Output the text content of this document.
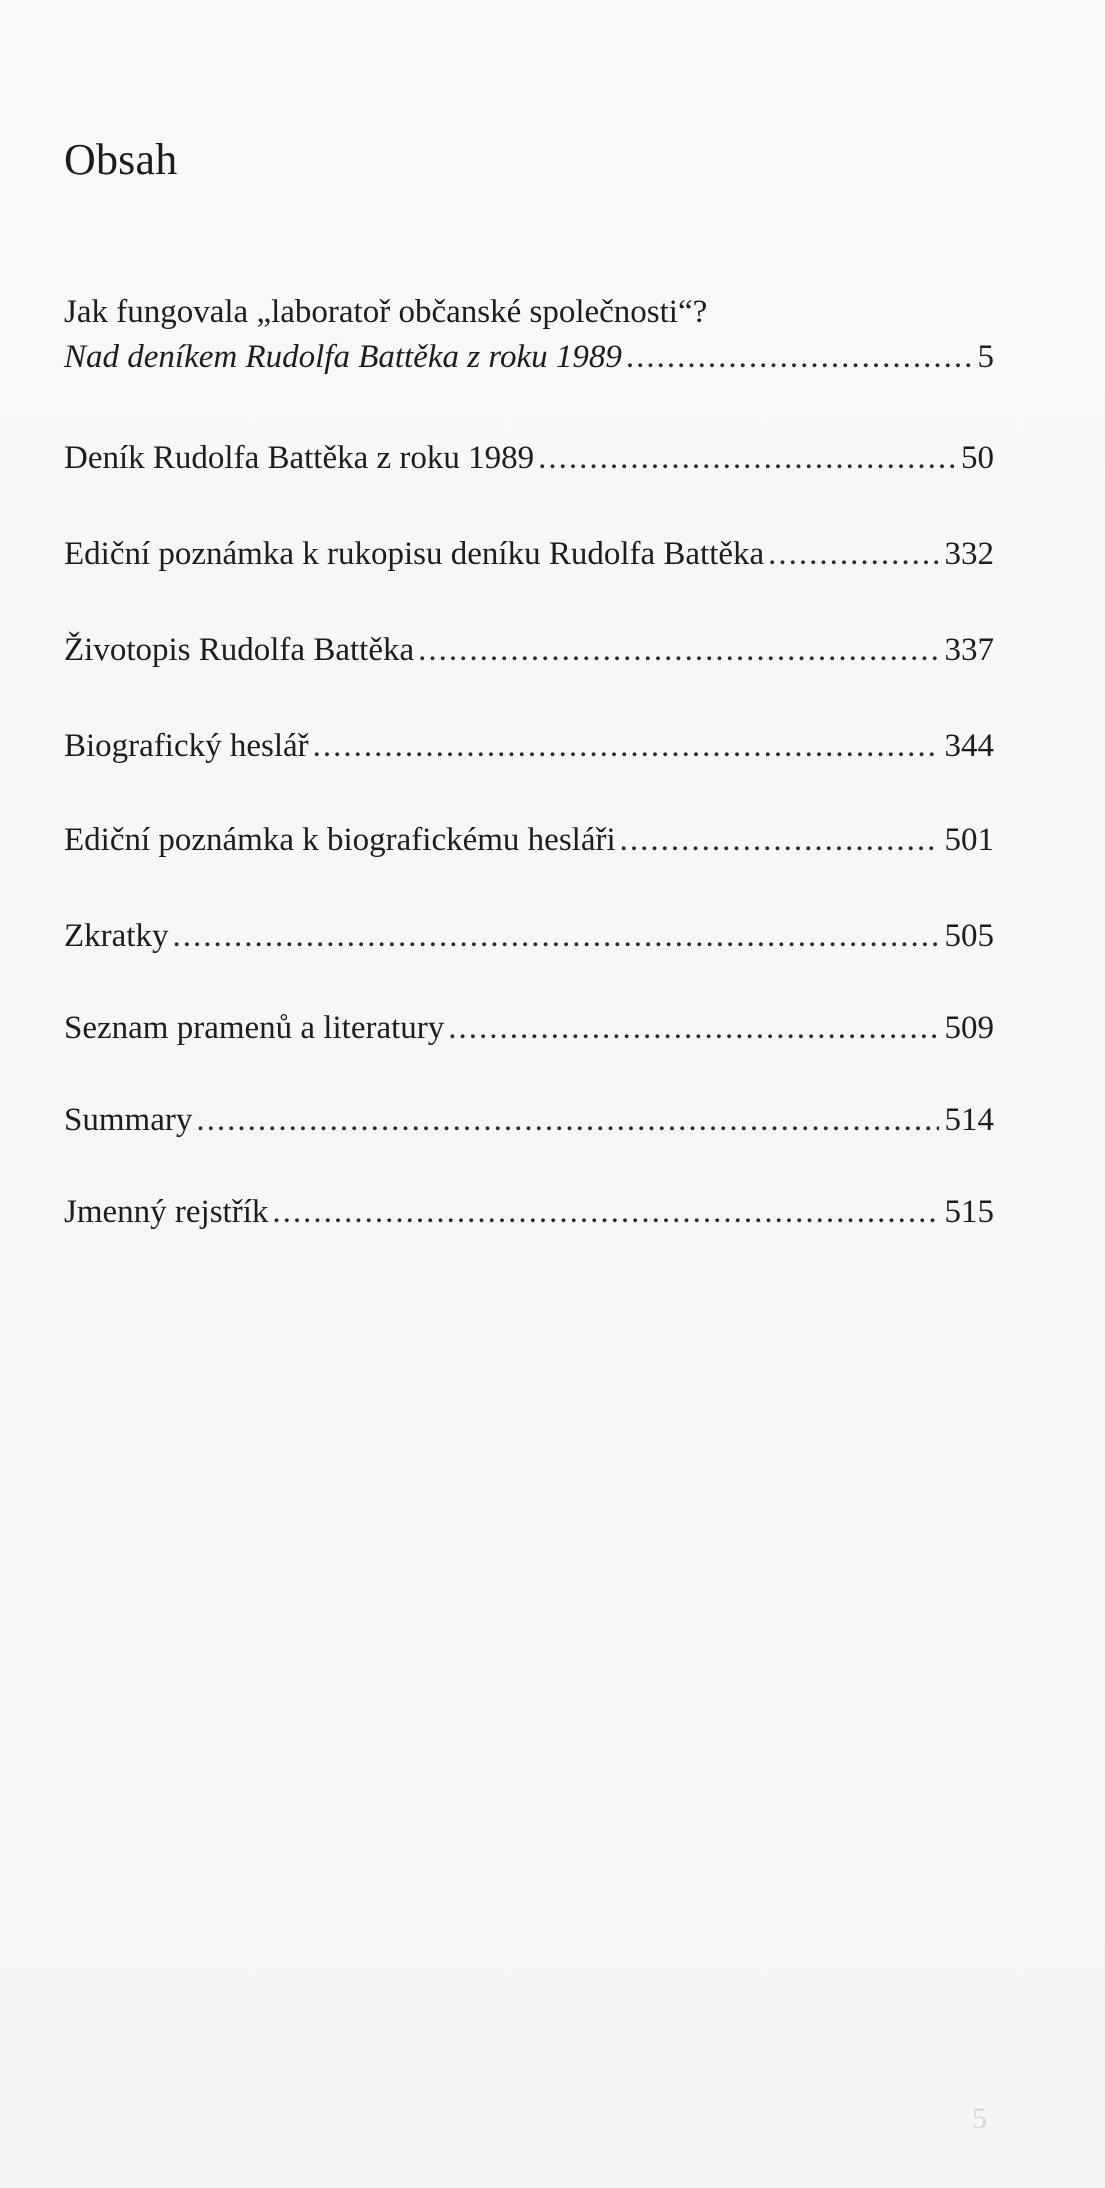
Obsah
Jak fungovala „laboratoř občanské společnosti“?
Nad deníkem Rudolfa Battěka z roku 1989 .....	5
Deník Rudolfa Battěka z roku 1989 .....	50
Ediční poznámka k rukopisu deníku Rudolfa Battěka .....	332
Životopis Rudolfa Battěka .....	337
Biografický heslář .....	344
Ediční poznámka k biografickému hesláři .....	501
Zkratky .....	505
Seznam pramenů a literatury .....	509
Summary .....	514
Jmenný rejstřík .....	515
5
